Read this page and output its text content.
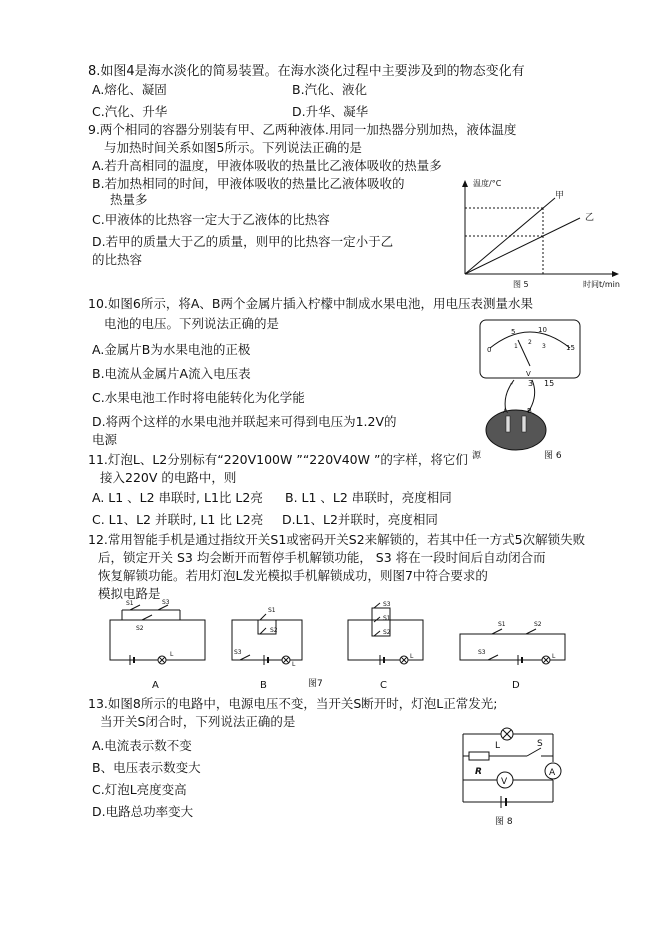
8.如图4是海水淡化的简易装置。在海水淡化过程中主要涉及到的物态变化有
A.熔化、凝固	B.汽化、液化
C.汽化、升华	D.升华、凝华
9.两个相同的容器分别装有甲、乙两种液体.用同一加热器分别加热，液体温度
与加热时间关系如图5所示。下列说法正确的是
A.若升高相同的温度，甲液体吸收的热量比乙液体吸收的热量多
B.若加热相同的时间，甲液体吸收的热量比乙液体吸收的
热量多
C.甲液体的比热容一定大于乙液体的比热容
D.若甲的质量大于乙的质量，则甲的比热容一定小于乙
的比热容
温度/°C
时间t/min
图 5
甲
乙
10.如图6所示，将A、B两个金属片插入柠檬中制成水果电池，用电压表测量水果
电池的电压。下列说法正确的是
A.金属片B为水果电池的正极
B.电流从金属片A流入电压表
C.水果电池工作时将电能转化为化学能
D.将两个这样的水果电池并联起来可得到电压为1.2V的
电源
0
5	10
15
1
2
3
V
- 3 15
A	B
源	图 6
11.灯泡L、L2分别标有“220V100W ”“220V40W ”的字样，将它们
接入220V 的电路中，则
A. L1 、L2 串联时, L1比 L2亮 B. L1 、L2 串联时，亮度相同
C. L1、L2 并联时, L1 比 L2亮 D.L1、L2并联时，亮度相同
12.常用智能手机是通过指纹开关S1或密码开关S2来解锁的，若其中任一方式5次解锁失败
后，锁定开关 S3 均会断开而暂停手机解锁功能， S3 将在一段时间后自动闭合而
恢复解锁功能。若用灯泡L发光模拟手机解锁成功，则图7中符合要求的
模拟电路是
S1	S3
S2
L
A
S1
S2
S3
L
B	图7
S3
S1
S2
L
C
S1	S2
S3
L
D
13.如图8所示的电路中，电源电压不变，当开关S断开时，灯泡L正常发光;
当开关S闭合时，下列说法正确的是
A.电流表示数不变
B、电压表示数变大
C.灯泡L亮度变高
D.电路总功率变大
L	S
R	A
V
图 8
